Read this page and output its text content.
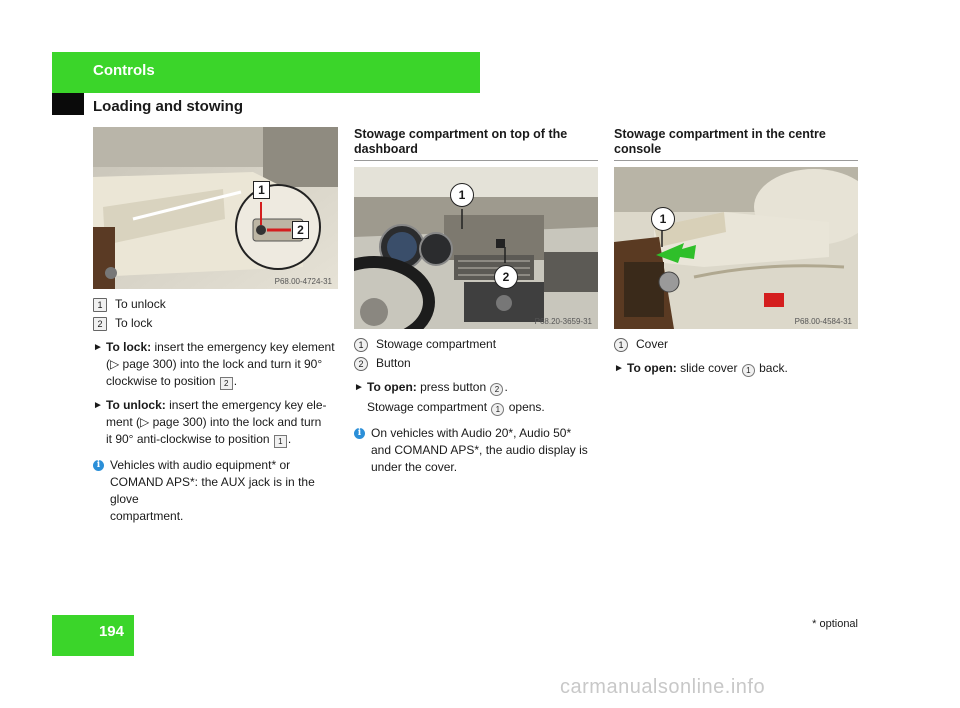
Controls
Loading and stowing
1
2
P68.00-4724-31
1	To unlock
2	To lock
► To lock: insert the emergency key element
(▷ page 300) into the lock and turn it 90°
clockwise to position 2 .
► To unlock: insert the emergency key ele-
ment (▷ page 300) into the lock and turn
it 90° anti-clockwise to position 1 .
i Vehicles with audio equipment* or
COMAND APS*: the AUX jack is in the glove
compartment.
Stowage compartment on top of the
dashboard
1
2
P68.20-3659-31
1	Stowage compartment
2	Button
► To open: press button 2 .
Stowage compartment 1 opens.
i On vehicles with Audio 20*, Audio 50*
and COMAND APS*, the audio display is
under the cover.
Stowage compartment in the centre
console
1
P68.00-4584-31
1	Cover
► To open: slide cover 1 back.
194	* optional
carmanualsonline.info
